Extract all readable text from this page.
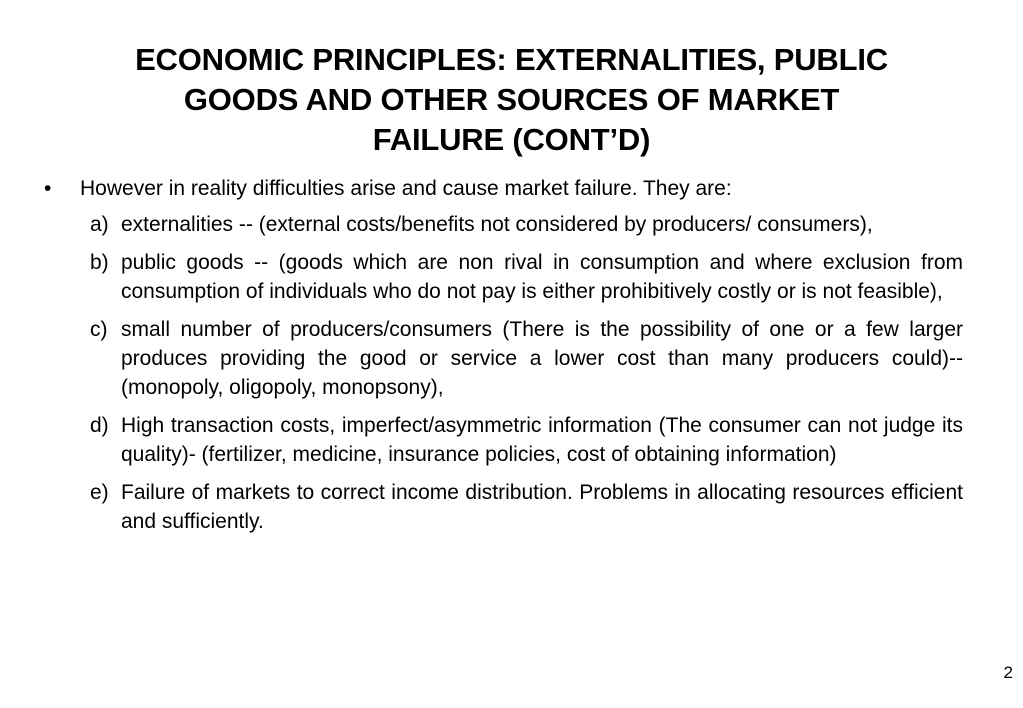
ECONOMIC PRINCIPLES: EXTERNALITIES, PUBLIC
GOODS AND OTHER SOURCES OF MARKET
FAILURE (CONT’D)

•	However in reality difficulties arise and cause market failure. They are:

a) externalities -- (external costs/benefits not considered by producers/ consumers),
b) public goods -- (goods which are non rival in consumption and where exclusion from consumption of individuals who do not pay is either prohibitively costly or is not feasible),
c) small number of producers/consumers (There is the possibility of one or a few larger produces providing the good or service a lower cost than many producers could)-- (monopoly, oligopoly, monopsony),
d) High transaction costs, imperfect/asymmetric information (The consumer can not judge its quality)- (fertilizer, medicine, insurance policies, cost of obtaining information)
e) Failure of markets to correct income distribution. Problems in allocating resources efficient and sufficiently.
2
